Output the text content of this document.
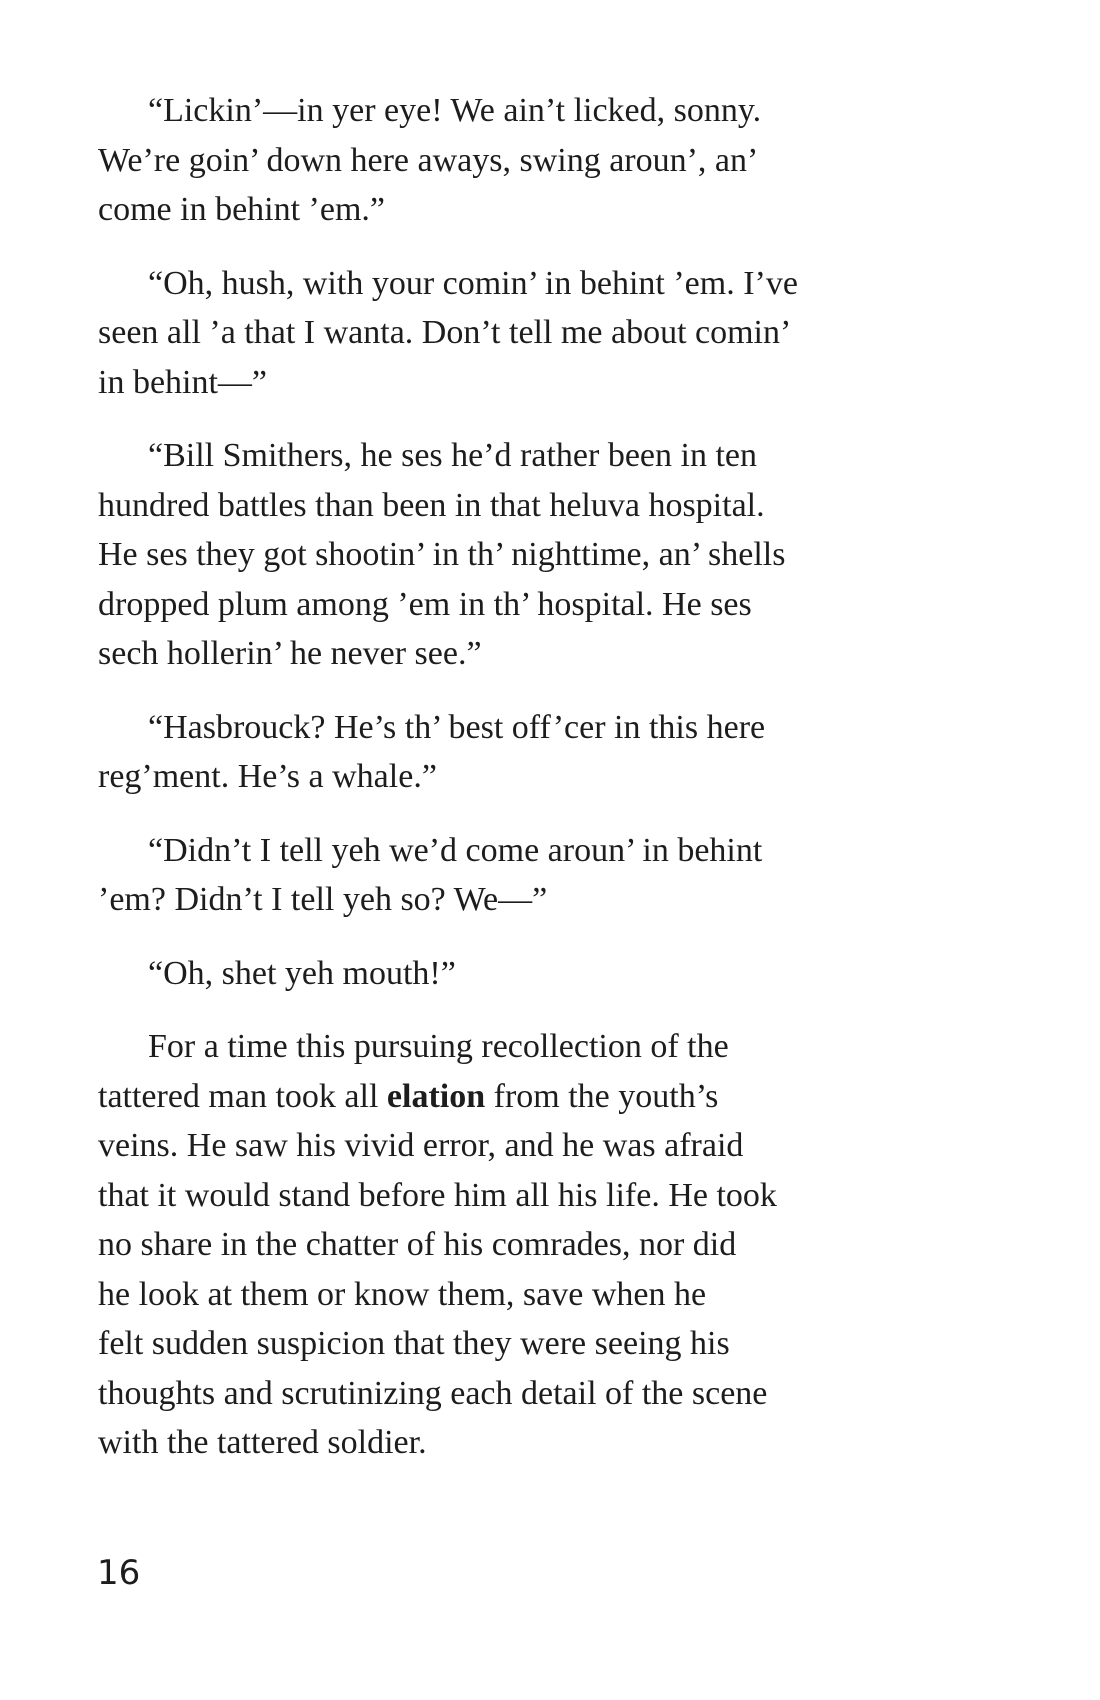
“Lickin’—in yer eye! We ain’t licked, sonny.
We’re goin’ down here aways, swing aroun’, an’
come in behint ’em.”

“Oh, hush, with your comin’ in behint ’em. I’ve
seen all ’a that I wanta. Don’t tell me about comin’
in behint—”

“Bill Smithers, he ses he’d rather been in ten
hundred battles than been in that heluva hospital.
He ses they got shootin’ in th’ nighttime, an’ shells
dropped plum among ’em in th’ hospital. He ses
sech hollerin’ he never see.”

“Hasbrouck? He’s th’ best off’cer in this here
reg’ment. He’s a whale.”

“Didn’t I tell yeh we’d come aroun’ in behint
’em? Didn’t I tell yeh so? We—”

“Oh, shet yeh mouth!”

For a time this pursuing recollection of the
tattered man took all elation from the youth’s
veins. He saw his vivid error, and he was afraid
that it would stand before him all his life. He took
no share in the chatter of his comrades, nor did
he look at them or know them, save when he
felt sudden suspicion that they were seeing his
thoughts and scrutinizing each detail of the scene
with the tattered soldier.

16
